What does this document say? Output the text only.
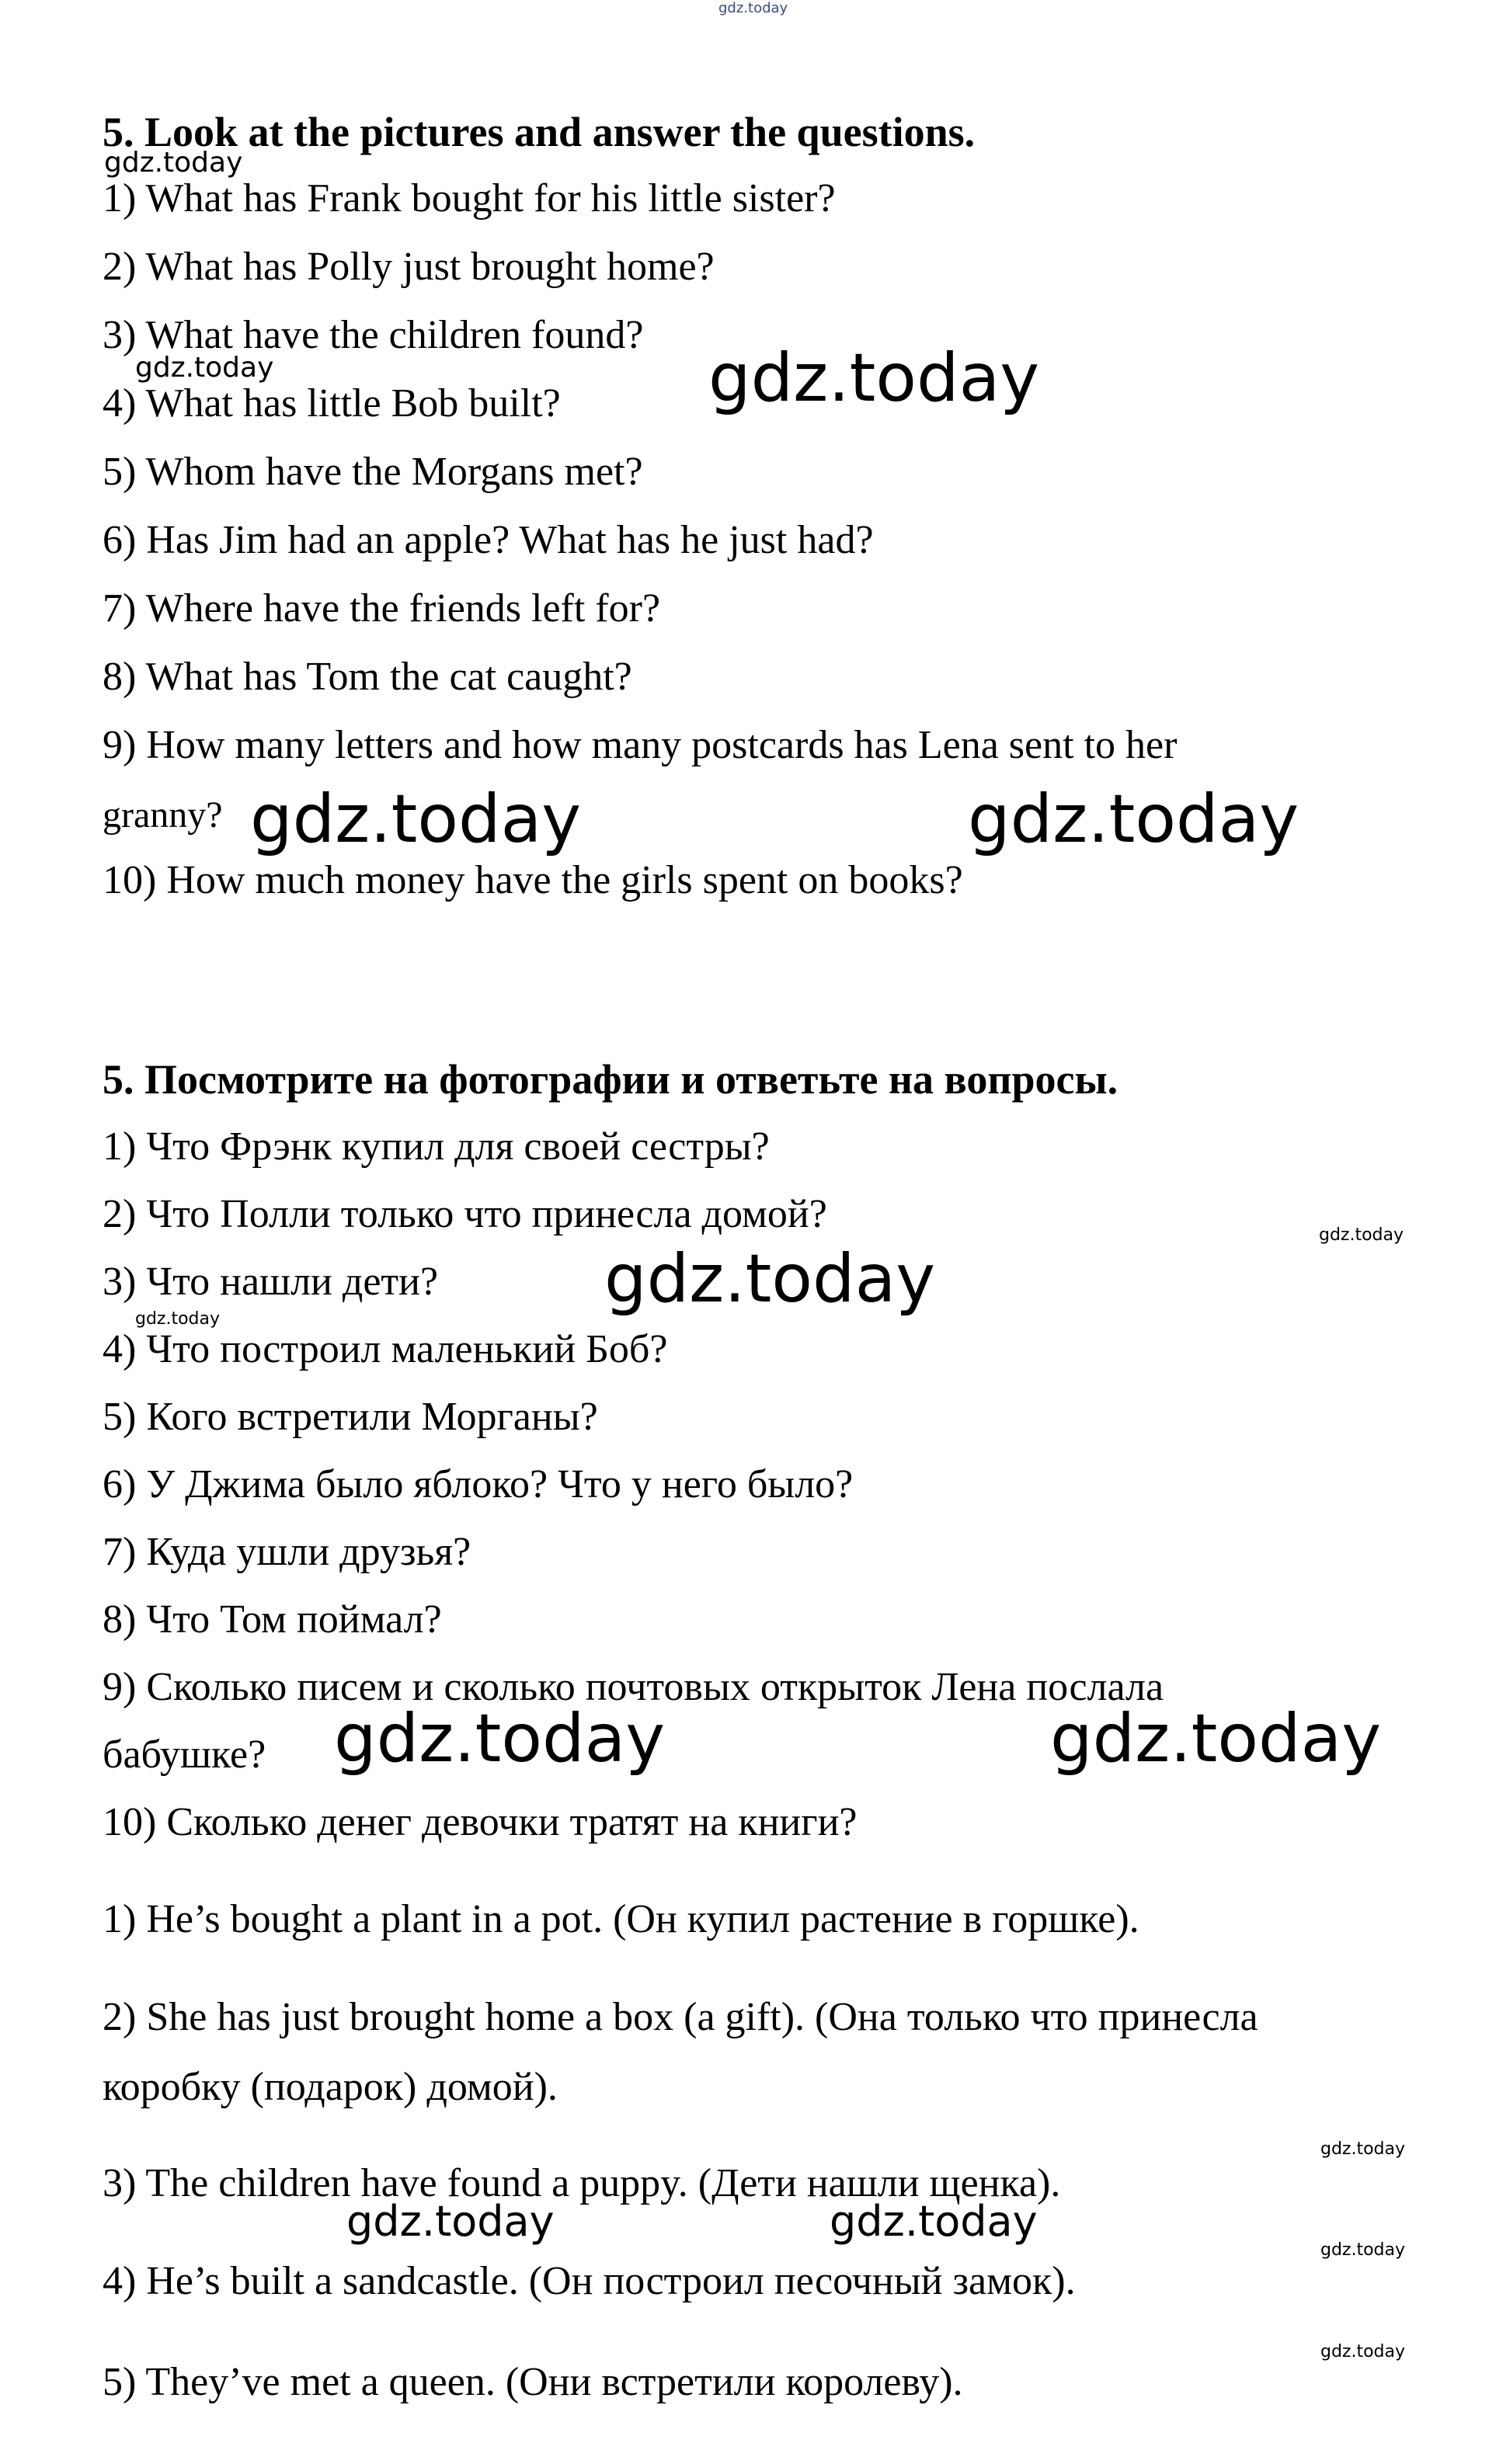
gdz.today
5. Look at the pictures and answer the questions.
gdz.today
1) What has Frank bought for his little sister?
2) What has Polly just brought home?
3) What have the children found?
gdz.today	gdz.today
4) What has little Bob built?
5) Whom have the Morgans met?
6) Has Jim had an apple? What has he just had?
7) Where have the friends left for?
8) What has Tom the cat caught?
9) How many letters and how many postcards has Lena sent to her
granny? gdz.today	gdz.today
10) How much money have the girls spent on books?
5. Посмотрите на фотографии и ответьте на вопросы.
1) Что Фрэнк купил для своей сестры?
2) Что Полли только что принесла домой?	gdz.today
gdz.today
3) Что нашли дети?
gdz.today
4) Что построил маленький Боб?
5) Кого встретили Морганы?
6) У Джима было яблоко? Что у него было?
7) Куда ушли друзья?
8) Что Том поймал?
9) Сколько писем и сколько почтовых открыток Лена послала
gdz.today	gdz.today
бабушке?
10) Сколько денег девочки тратят на книги?
1) He’s bought a plant in a pot. (Он купил растение в горшке).
2) She has just brought home a box (a gift). (Она только что принесла
коробку (подарок) домой).
gdz.today
3) The children have found a puppy. (Дети нашли щенка).
gdz.today	gdz.today
gdz.today
4) He’s built a sandcastle. (Он построил песочный замок).
gdz.today
5) They’ve met a queen. (Они встретили королеву).
